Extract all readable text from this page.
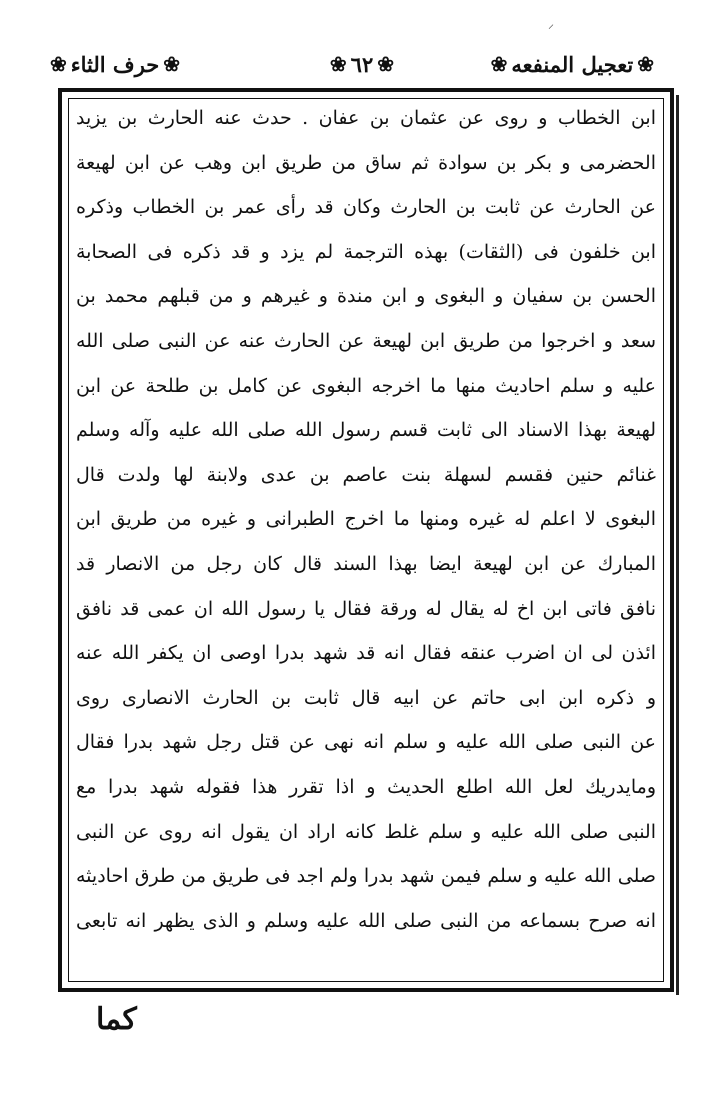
⸍
❀
تعجيل المنفعه
❀
❀
٦٢
❀
❀
حرف الثاء
❀
ابن الخطاب و روى عن عثمان بن عفان . حدث عنه الحارث بن يزيد
الحضرمى و بكر بن سوادة ثم ساق من طريق ابن وهب عن ابن لهيعة
عن الحارث عن ثابت بن الحارث وكان قد رأى عمر بن الخطاب وذكره
ابن خلفون فى (الثقات) بهذه الترجمة لم يزد و قد ذكره فى الصحابة
الحسن بن سفيان و البغوى و ابن مندة و غيرهم و من قبلهم محمد بن
سعد و اخرجوا من طريق ابن لهيعة عن الحارث عنه عن النبى صلى الله
عليه و سلم احاديث منها ما اخرجه البغوى عن كامل بن طلحة عن ابن
لهيعة بهذا الاسناد الى ثابت قسم رسول الله صلى الله عليه وآله وسلم
غنائم حنين فقسم لسهلة بنت عاصم بن عدى ولابنة لها ولدت قال
البغوى لا اعلم له غيره ومنها ما اخرج الطبرانى و غيره من طريق ابن
المبارك عن ابن لهيعة ايضا بهذا السند قال كان رجل من الانصار قد
نافق فاتى ابن اخ له يقال له ورقة فقال يا رسول الله ان عمى قد نافق
ائذن لى ان اضرب عنقه فقال انه قد شهد بدرا اوصى ان يكفر الله عنه
و ذكره ابن ابى حاتم عن ابيه قال ثابت بن الحارث الانصارى روى
عن النبى صلى الله عليه و سلم انه نهى عن قتل رجل شهد بدرا فقال
ومايدريك لعل الله اطلع الحديث و اذا تقرر هذا فقوله شهد بدرا مع
النبى صلى الله عليه و سلم غلط كانه اراد ان يقول انه روى عن النبى
صلى الله عليه و سلم فيمن شهد بدرا ولم اجد فى طريق من طرق احاديثه
انه صرح بسماعه من النبى صلى الله عليه وسلم و الذى يظهر انه تابعى
كما
